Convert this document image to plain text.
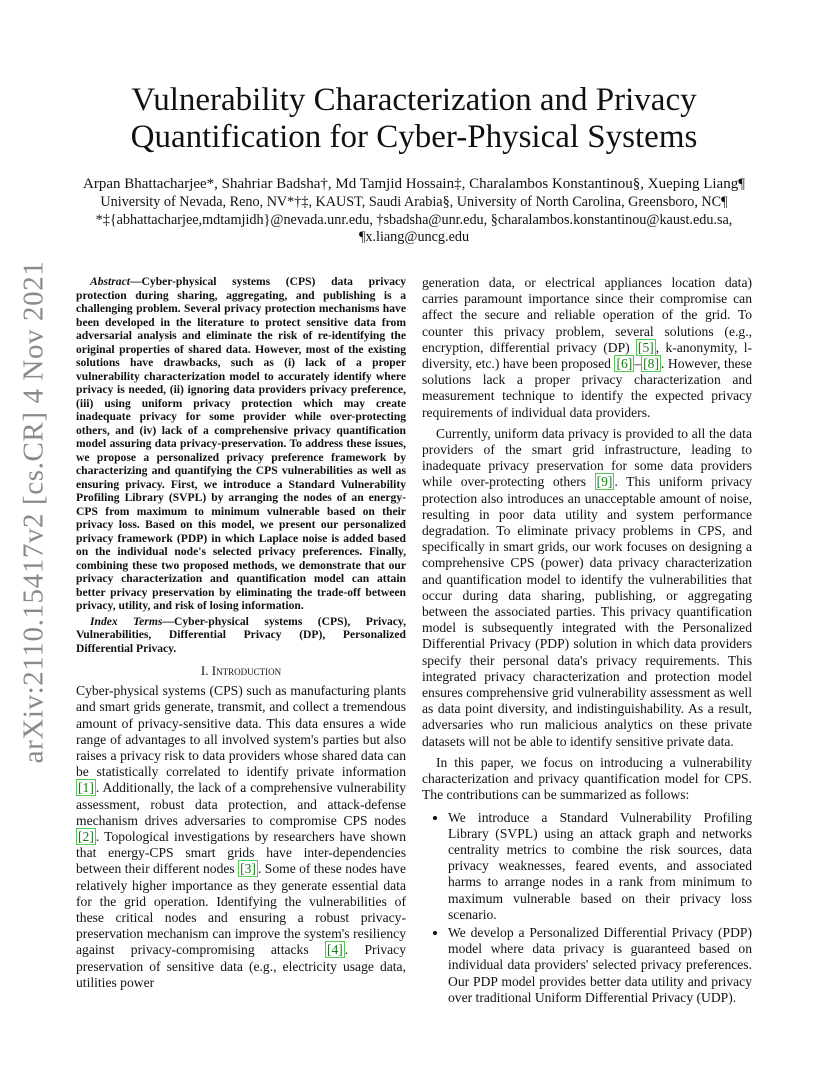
arXiv:2110.15417v2 [cs.CR] 4 Nov 2021
Vulnerability Characterization and Privacy
Quantification for Cyber-Physical Systems
Arpan Bhattacharjee*, Shahriar Badsha†, Md Tamjid Hossain‡, Charalambos Konstantinou§, Xueping Liang¶
University of Nevada, Reno, NV*†‡, KAUST, Saudi Arabia§, University of North Carolina, Greensboro, NC¶
*‡{abhattacharjee,mdtamjidh}@nevada.unr.edu, †sbadsha@unr.edu, §charalambos.konstantinou@kaust.edu.sa,
¶x.liang@uncg.edu

Abstract—Cyber-physical systems (CPS) data privacy protection during sharing, aggregating, and publishing is a challenging problem. Several privacy protection mechanisms have been developed in the literature to protect sensitive data from adversarial analysis and eliminate the risk of re-identifying the original properties of shared data. However, most of the existing solutions have drawbacks, such as (i) lack of a proper vulnerability characterization model to accurately identify where privacy is needed, (ii) ignoring data providers privacy preference, (iii) using uniform privacy protection which may create inadequate privacy for some provider while over-protecting others, and (iv) lack of a comprehensive privacy quantification model assuring data privacy-preservation. To address these issues, we propose a personalized privacy preference framework by characterizing and quantifying the CPS vulnerabilities as well as ensuring privacy. First, we introduce a Standard Vulnerability Profiling Library (SVPL) by arranging the nodes of an energy-CPS from maximum to minimum vulnerable based on their privacy loss. Based on this model, we present our personalized privacy framework (PDP) in which Laplace noise is added based on the individual node's selected privacy preferences. Finally, combining these two proposed methods, we demonstrate that our privacy characterization and quantification model can attain better privacy preservation by eliminating the trade-off between privacy, utility, and risk of losing information.

Index Terms—Cyber-physical systems (CPS), Privacy, Vulnerabilities, Differential Privacy (DP), Personalized Differential Privacy.

I. Introduction

Cyber-physical systems (CPS) such as manufacturing plants and smart grids generate, transmit, and collect a tremendous amount of privacy-sensitive data. This data ensures a wide range of advantages to all involved system's parties but also raises a privacy risk to data providers whose shared data can be statistically correlated to identify private information [1] . Additionally, the lack of a comprehensive vulnerability assessment, robust data protection, and attack-defense mechanism drives adversaries to compromise CPS nodes [2] . Topological investigations by researchers have shown that energy-CPS smart grids have inter-dependencies between their different nodes [3] . Some of these nodes have relatively higher importance as they generate essential data for the grid operation. Identifying the vulnerabilities of these critical nodes and ensuring a robust privacy-preservation mechanism can improve the system's resiliency against privacy-compromising attacks [4] . Privacy preservation of sensitive data (e.g., electricity usage data, utilities power

generation data, or electrical appliances location data) carries paramount importance since their compromise can affect the secure and reliable operation of the grid. To counter this privacy problem, several solutions (e.g., encryption, differential privacy (DP) [5] , k-anonymity, l-diversity, etc.) have been proposed [6] – [8] . However, these solutions lack a proper privacy characterization and measurement technique to identify the expected privacy requirements of individual data providers.

Currently, uniform data privacy is provided to all the data providers of the smart grid infrastructure, leading to inadequate privacy preservation for some data providers while over-protecting others [9] . This uniform privacy protection also introduces an unacceptable amount of noise, resulting in poor data utility and system performance degradation. To eliminate privacy problems in CPS, and specifically in smart grids, our work focuses on designing a comprehensive CPS (power) data privacy characterization and quantification model to identify the vulnerabilities that occur during data sharing, publishing, or aggregating between the associated parties. This privacy quantification model is subsequently integrated with the Personalized Differential Privacy (PDP) solution in which data providers specify their personal data's privacy requirements. This integrated privacy characterization and protection model ensures comprehensive grid vulnerability assessment as well as data point diversity, and indistinguishability. As a result, adversaries who run malicious analytics on these private datasets will not be able to identify sensitive private data.

In this paper, we focus on introducing a vulnerability characterization and privacy quantification model for CPS. The contributions can be summarized as follows:

• We introduce a Standard Vulnerability Profiling Library (SVPL) using an attack graph and networks centrality metrics to combine the risk sources, data privacy weaknesses, feared events, and associated harms to arrange nodes in a rank from minimum to maximum vulnerable based on their privacy loss scenario.
• We develop a Personalized Differential Privacy (PDP) model where data privacy is guaranteed based on individual data providers' selected privacy preferences. Our PDP model provides better data utility and privacy over traditional Uniform Differential Privacy (UDP).
